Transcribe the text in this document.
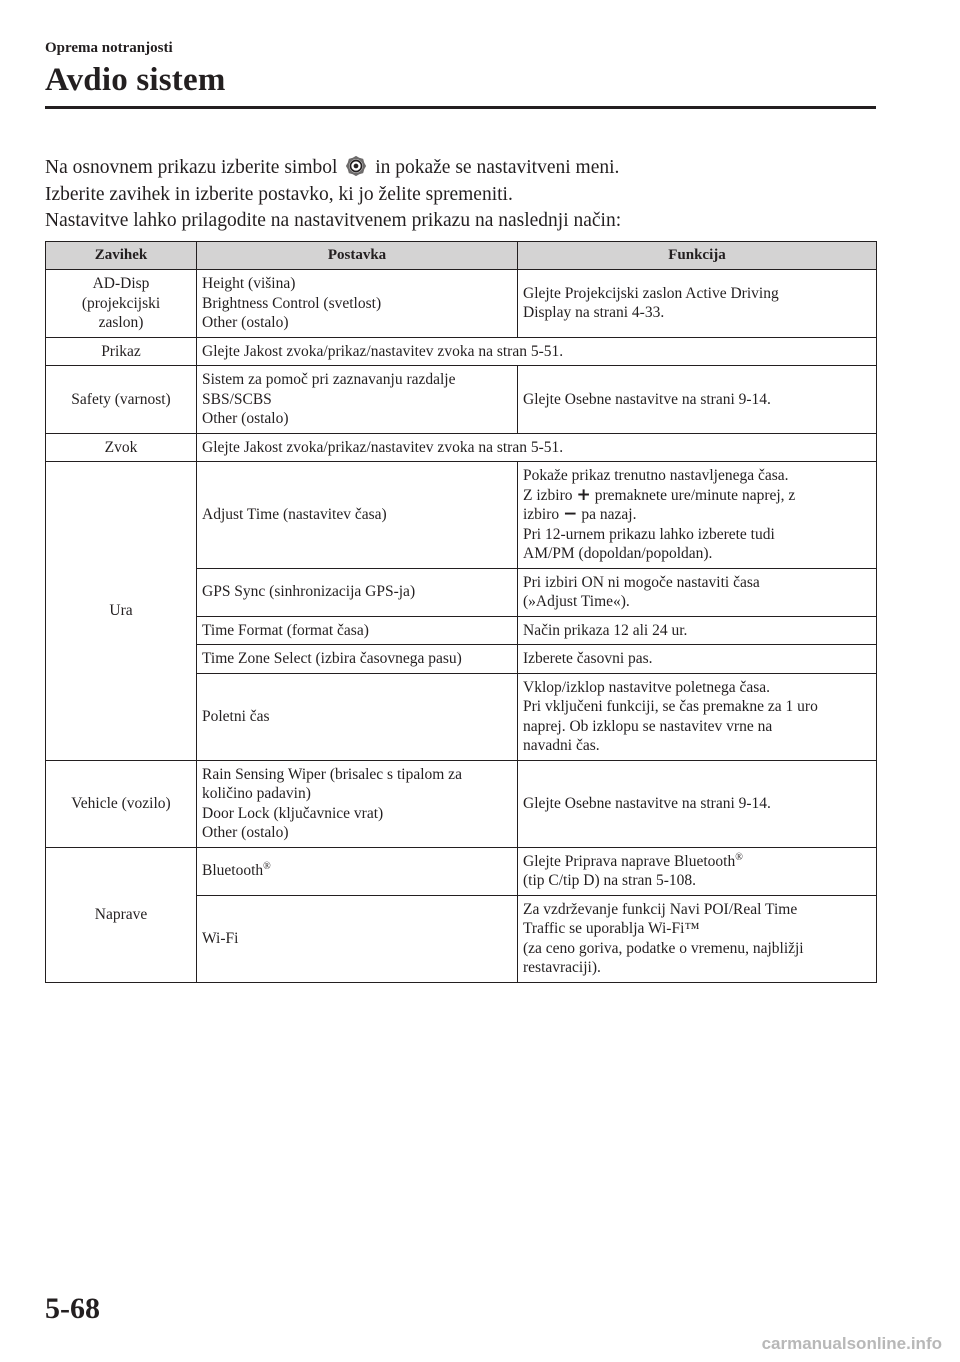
Oprema notranjosti
Avdio sistem

Na osnovnem prikazu izberite simbol in pokaže se nastavitveni meni.

Izberite zavihek in izberite postavko, ki jo želite spremeniti.

Nastavitve lahko prilagodite na nastavitvenem prikazu na naslednji način:

Zavihek	Postavka	Funkcija

AD-Disp
(projekcijski
zaslon)	Height (višina)
Brightness Control (svetlost)
Other (ostalo)	Glejte Projekcijski zaslon Active Driving
Display na strani 4-33.

Prikaz	Glejte Jakost zvoka/prikaz/nastavitev zvoka na stran 5-51.	
Safety (varnost)	Sistem za pomoč pri zaznavanju razdalje
SBS/SCBS
Other (ostalo)	Glejte Osebne nastavitve na strani 9-14.
Zvok	Glejte Jakost zvoka/prikaz/nastavitev zvoka na stran 5-51.	
Ura	Adjust Time (nastavitev časa)	Pokaže prikaz trenutno nastavljenega časa.
Z izbiro + premaknete ure/minute naprej, z
izbiro − pa nazaj.
Pri 12-urnem prikazu lahko izberete tudi
AM/PM (dopoldan/popoldan).

	GPS Sync (sinhronizacija GPS-ja)	Pri izbiri ON ni mogoče nastaviti časa
(»Adjust Time«).

	Time Format (format časa)	Način prikaza 12 ali 24 ur.
	Time Zone Select (izbira časovnega pasu)	Izberete časovni pas.
	Poletni čas	Vklop/izklop nastavitve poletnega časa.
Pri vključeni funkciji, se čas premakne za 1 uro
naprej. Ob izklopu se nastavitev vrne na
navadni čas.

Vehicle (vozilo)	Rain Sensing Wiper (brisalec s tipalom za
količino padavin)
Door Lock (ključavnice vrat)
Other (ostalo)	Glejte Osebne nastavitve na strani 9-14.
Naprave	Bluetooth®	Glejte Priprava naprave Bluetooth®
(tip C/tip D) na stran 5-108.

	Wi-Fi	Za vzdrževanje funkcij Navi POI/Real Time
Traffic se uporablja Wi-Fi™
(za ceno goriva, podatke o vremenu, najbližji
restavraciji).
5-68
carmanualsonline.info
